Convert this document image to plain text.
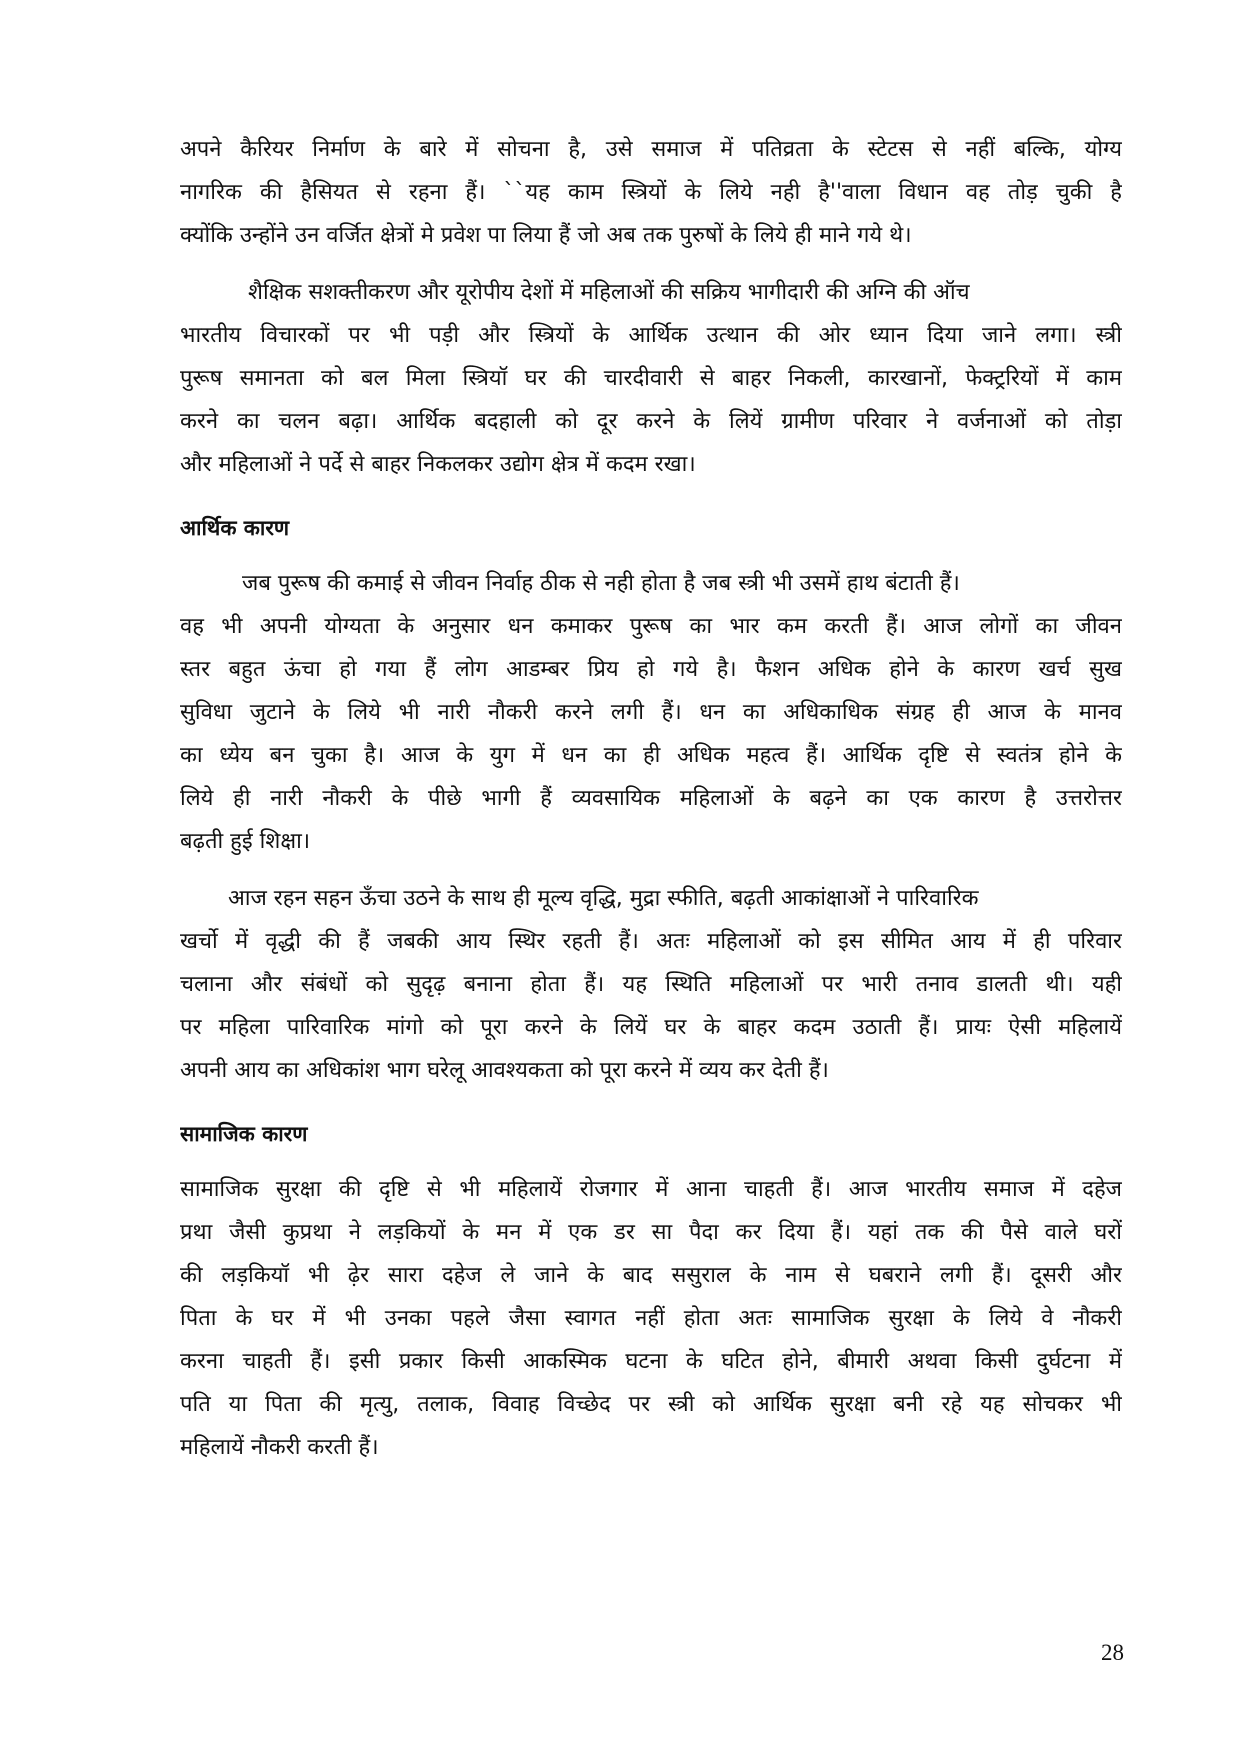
अपने कैरियर निर्माण के बारे में सोचना है, उसे समाज में पतिव्रता के स्टेटस से नहीं बल्कि, योग्य
नागरिक की हैसियत से रहना हैं। ``यह काम स्त्रियों के लिये नही है''वाला विधान वह तोड़ चुकी है
क्योंकि उन्होंने उन वर्जित क्षेत्रों मे प्रवेश पा लिया हैं जो अब तक पुरुषों के लिये ही माने गये थे।
शैक्षिक सशक्तीकरण और यूरोपीय देशों में महिलाओं की सक्रिय भागीदारी की अग्नि की ऑच
भारतीय विचारकों पर भी पड़ी और स्त्रियों के आर्थिक उत्थान की ओर ध्यान दिया जाने लगा। स्त्री
पुरूष समानता को बल मिला स्त्रियॉ घर की चारदीवारी से बाहर निकली, कारखानों, फेक्ट्ररियों में काम
करने का चलन बढ़ा। आर्थिक बदहाली को दूर करने के लियें ग्रामीण परिवार ने वर्जनाओं को तोड़ा
और महिलाओं ने पर्दे से बाहर निकलकर उद्योग क्षेत्र में कदम रखा।
आर्थिक कारण
जब पुरूष की कमाई से जीवन निर्वाह ठीक से नही होता है जब स्त्री भी उसमें हाथ बंटाती हैं।
वह भी अपनी योग्यता के अनुसार धन कमाकर पुरूष का भार कम करती हैं। आज लोगों का जीवन
स्तर बहुत ऊंचा हो गया हैं लोग आडम्बर प्रिय हो गये है। फैशन अधिक होने के कारण खर्च सुख
सुविधा जुटाने के लिये भी नारी नौकरी करने लगी हैं। धन का अधिकाधिक संग्रह ही आज के मानव
का ध्येय बन चुका है। आज के युग में धन का ही अधिक महत्व हैं। आर्थिक दृष्टि से स्वतंत्र होने के
लिये ही नारी नौकरी के पीछे भागी हैं व्यवसायिक महिलाओं के बढ़ने का एक कारण है उत्तरोत्तर
बढ़ती हुई शिक्षा।
आज रहन सहन ऊँचा उठने के साथ ही मूल्य वृद्धि, मुद्रा स्फीति, बढ़ती आकांक्षाओं ने पारिवारिक
खर्चो में वृद्धी की हैं जबकी आय स्थिर रहती हैं। अतः महिलाओं को इस सीमित आय में ही परिवार
चलाना और संबंधों को सुदृढ़ बनाना होता हैं। यह स्थिति महिलाओं पर भारी तनाव डालती थी। यही
पर महिला पारिवारिक मांगो को पूरा करने के लियें घर के बाहर कदम उठाती हैं। प्रायः ऐसी महिलायें
अपनी आय का अधिकांश भाग घरेलू आवश्यकता को पूरा करने में व्यय कर देती हैं।
सामाजिक कारण
सामाजिक सुरक्षा की दृष्टि से भी महिलायें रोजगार में आना चाहती हैं। आज भारतीय समाज में दहेज
प्रथा जैसी कुप्रथा ने लड़कियों के मन में एक डर सा पैदा कर दिया हैं। यहां तक की पैसे वाले घरों
की लड़कियॉ भी ढ़ेर सारा दहेज ले जाने के बाद ससुराल के नाम से घबराने लगी हैं। दूसरी और
पिता के घर में भी उनका पहले जैसा स्वागत नहीं होता अतः सामाजिक सुरक्षा के लिये वे नौकरी
करना चाहती हैं। इसी प्रकार किसी आकस्मिक घटना के घटित होने, बीमारी अथवा किसी दुर्घटना में
पति या पिता की मृत्यु, तलाक, विवाह विच्छेद पर स्त्री को आर्थिक सुरक्षा बनी रहे यह सोचकर भी
महिलायें नौकरी करती हैं।
28
